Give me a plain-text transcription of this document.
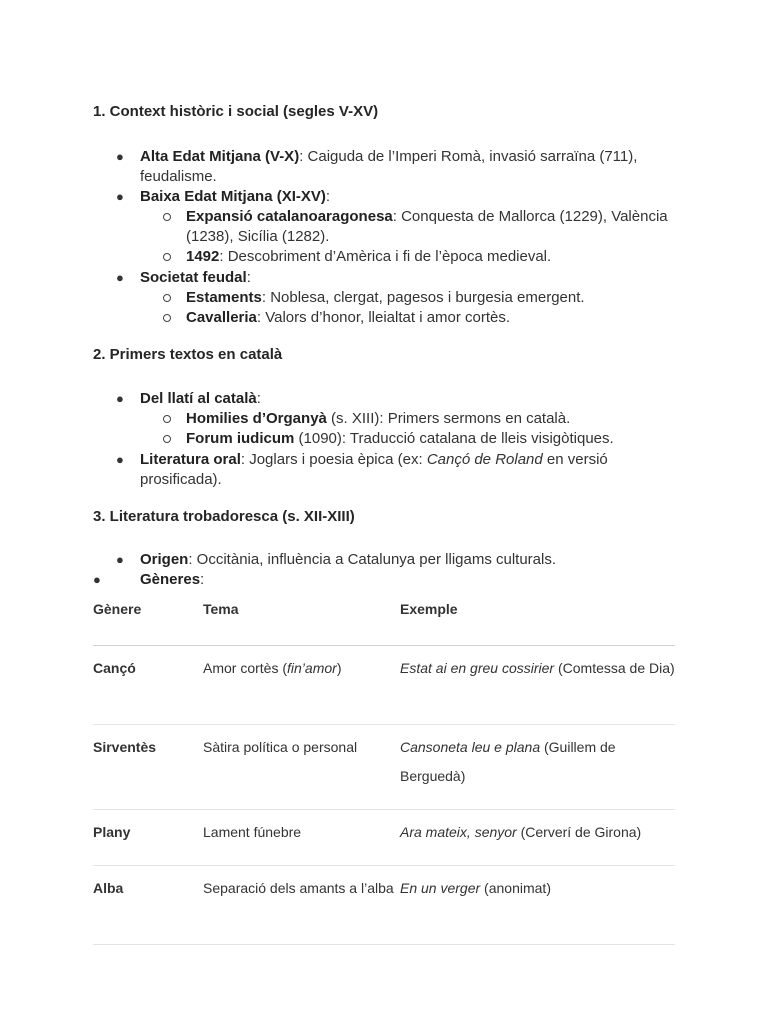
1. Context històric i social (segles V-XV)
● Alta Edat Mitjana (V-X): Caiguda de l’Imperi Romà, invasió sarraïna (711),
feudalisme.
● Baixa Edat Mitjana (XI-XV):
Expansió catalanoaragonesa: Conquesta de Mallorca (1229), València
(1238), Sicília (1282).
1492: Descobriment d’Amèrica i fi de l’època medieval.
● Societat feudal:
Estaments: Noblesa, clergat, pagesos i burgesia emergent.
Cavalleria: Valors d’honor, lleialtat i amor cortès.
2. Primers textos en català
● Del llatí al català:
Homilies d’Organyà (s. XIII): Primers sermons en català.
Forum iudicum (1090): Traducció catalana de lleis visigòtiques.
● Literatura oral: Joglars i poesia èpica (ex: Cançó de Roland en versió
prosificada).
3. Literatura trobadoresca (s. XII-XIII)
● Origen: Occitània, influència a Catalunya per lligams culturals.
●	Gèneres:
Gènere	Tema	Exemple
Cançó	Amor cortès (fin’amor)	Estat ai en greu cossirier (Comtessa de Dia)
Sirventès	Sàtira política o personal	Cansoneta leu e plana (Guillem de Berguedà)
Plany	Lament fúnebre	Ara mateix, senyor (Cerverí de Girona)
Alba	Separació dels amants a l’alba	En un verger (anonimat)
